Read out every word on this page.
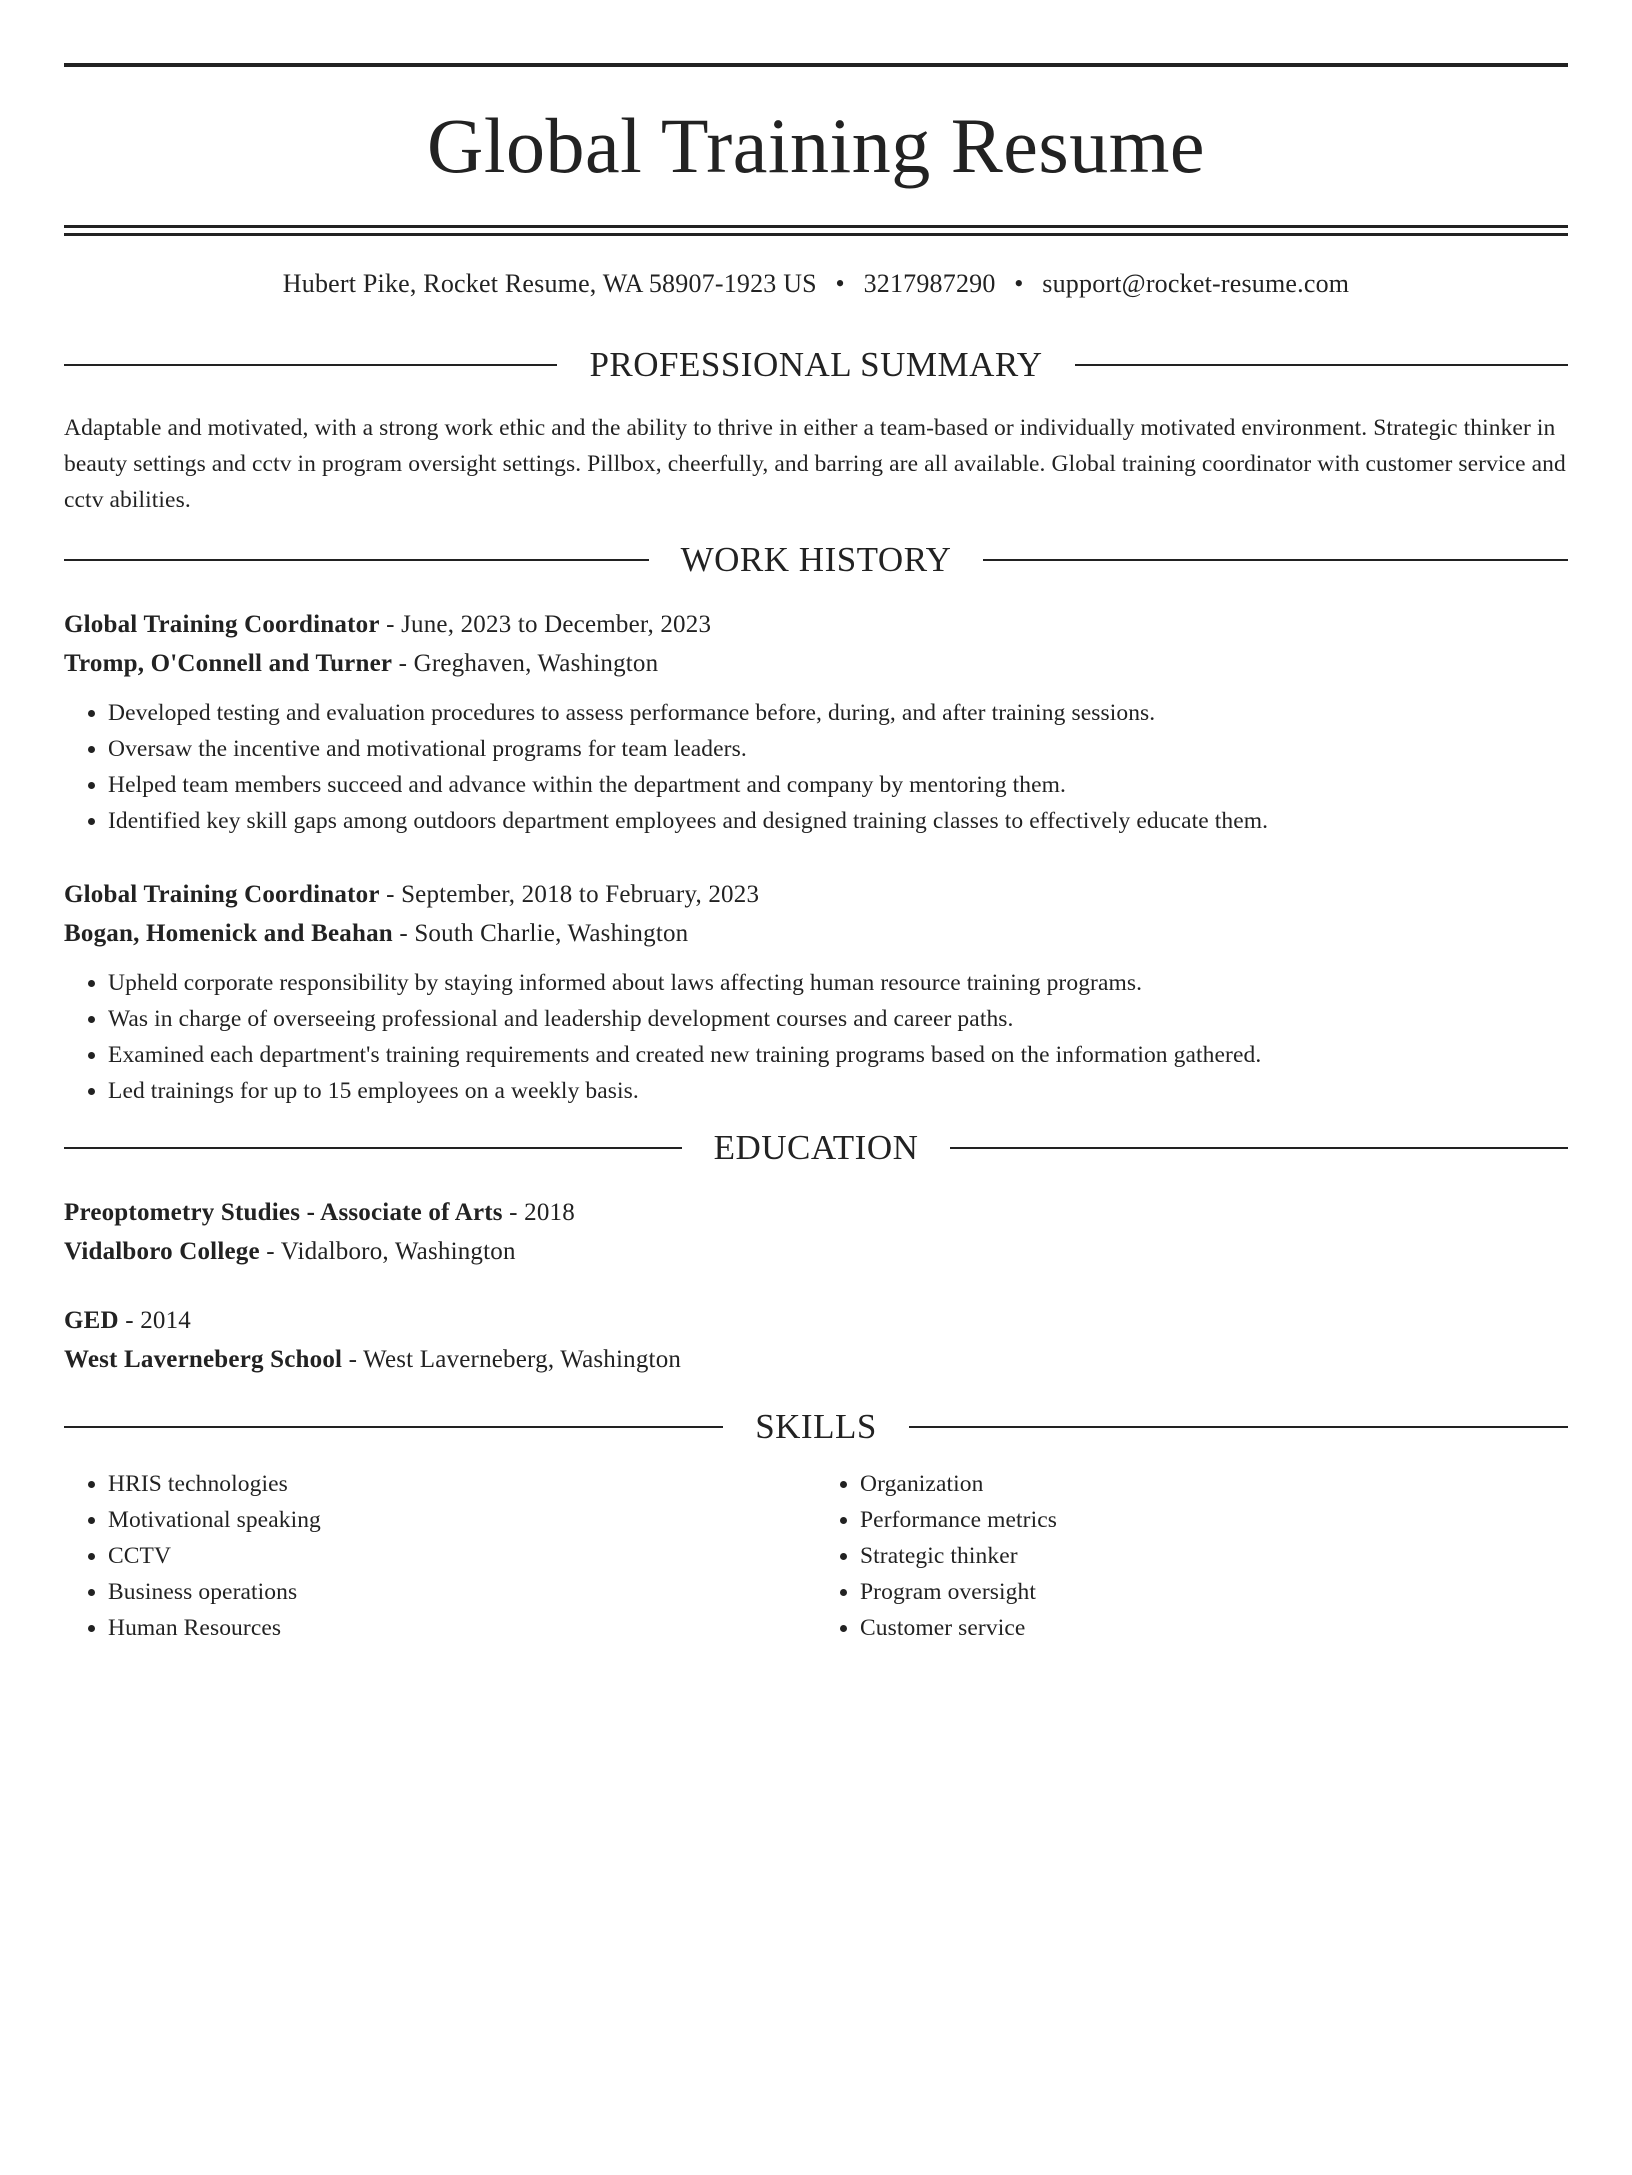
Global Training Resume
Hubert Pike, Rocket Resume, WA 58907-1923 US • 3217987290 • support@rocket-resume.com
PROFESSIONAL SUMMARY

Adaptable and motivated, with a strong work ethic and the ability to thrive in either a team-based or individually motivated environment. Strategic thinker in beauty settings and cctv in program oversight settings. Pillbox, cheerfully, and barring are all available. Global training coordinator with customer service and cctv abilities.

WORK HISTORY
Global Training Coordinator - June, 2023 to December, 2023
Tromp, O'Connell and Turner - Greghaven, Washington
• Developed testing and evaluation procedures to assess performance before, during, and after training sessions.
• Oversaw the incentive and motivational programs for team leaders.
• Helped team members succeed and advance within the department and company by mentoring them.
• Identified key skill gaps among outdoors department employees and designed training classes to effectively educate them.
Global Training Coordinator - September, 2018 to February, 2023
Bogan, Homenick and Beahan - South Charlie, Washington
• Upheld corporate responsibility by staying informed about laws affecting human resource training programs.
• Was in charge of overseeing professional and leadership development courses and career paths.
• Examined each department's training requirements and created new training programs based on the information gathered.
• Led trainings for up to 15 employees on a weekly basis.
EDUCATION
Preoptometry Studies - Associate of Arts - 2018
Vidalboro College - Vidalboro, Washington
GED - 2014
West Laverneberg School - West Laverneberg, Washington
SKILLS
• HRIS technologies
• Motivational speaking
• CCTV
• Business operations
• Human Resources
• Organization
• Performance metrics
• Strategic thinker
• Program oversight
• Customer service
